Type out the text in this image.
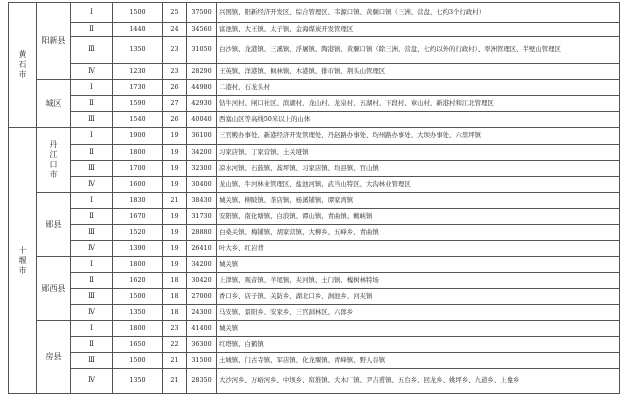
黄石市	阳新县	Ⅰ	1500	25	37500	兴国镇、阳新经济开发区、综合管理区、韦源口镇、黄颡口镇（三洲、营盘、七约3个行政村）
		Ⅱ	1440	24	34560	富池镇、大王镇、太子镇、金海煤炭开发管理区
		Ⅲ	1350	23	31050	白沙镇、龙港镇、三溪镇、浮屠镇、陶港镇、黄颡口镇（除三洲、营盘、七约以外的行政村）、率洲管理区、半壁山管理区
		Ⅳ	1230	23	28290	王英镇、洋港镇、枫林镇、木港镇、排市镇、荆头山管理区
	城区	Ⅰ	1730	26	44980	二港村、石龙头村
		Ⅱ	1590	27	42930	钻牛河村、闸口社区、滨湖村、龙山村、龙泉村、五湖村、下段村、章山村、新港村和江北管理区
		Ⅲ	1540	26	40040	西塞山区等高线50米以上的山体
十堰市	丹江口市	Ⅰ	1900	19	36100	三官殿办事处、新港经济开发管理处、丹赵路办事处、均州路办事处、大坝办事处、六里坪镇
		Ⅱ	1800	19	34200	习家店镇、丁家营镇、土关垭镇
		Ⅲ	1700	19	32300	凉水河镇、石鼓镇、蒿坪镇、习家店镇、均县镇、官山镇
		Ⅳ	1600	19	30400	龙山镇、牛河林业管理区、盐池河镇、武当山特区、大沟林业管理区
	郧县	Ⅰ	1830	21	38430	城关镇、柳陂镇、茶店镇、杨溪铺镇、谭家湾镇
		Ⅱ	1670	19	31730	安阳镇、南化塘镇、白浪镇、谭山镇、青曲镇、鲍峡镇
		Ⅲ	1520	19	28880	白桑关镇、梅铺镇、胡家营镇、大柳乡、五峰乡、青曲镇
		Ⅳ	1390	19	26410	叶大乡、红岩背
	郧西县	Ⅰ	1800	19	34200	城关镇
		Ⅱ	1620	18	30420	上津镇、观音镇、羊尾镇、夹河镇、土门镇、槐树林特场
		Ⅲ	1500	18	27000	香口乡、店子镇、关防乡、湖北口乡、涧池乡、河夹镇
		Ⅳ	1350	18	24300	马安镇、景阳乡、安家乡、三官洞林区、六郎乡
	房县	Ⅰ	1800	23	41400	城关镇
		Ⅱ	1650	22	36300	红塔镇、白鹤镇
		Ⅲ	1500	21	31500	土城镇、门古寺镇、军店镇、化龙堰镇、青峰镇、野人谷镇
		Ⅳ	1350	21	28350	大沙河乡、万峪河乡、中坝乡、窑淮镇、大木厂镇、尹吉甫镇、五台乡、回龙乡、姚坪乡、九道乡、上龛乡
